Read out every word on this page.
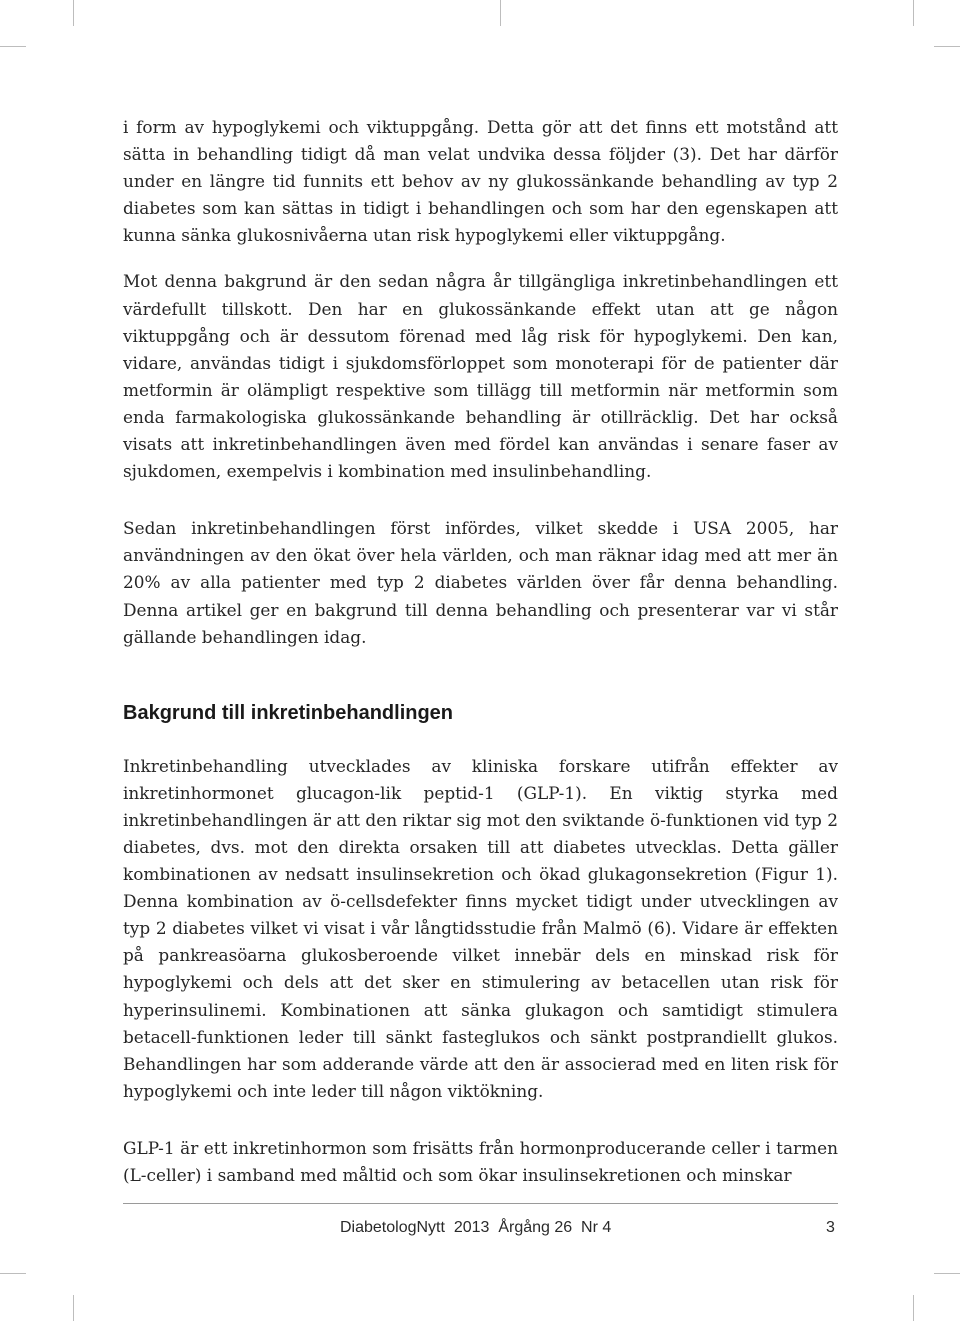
i form av hypoglykemi och viktuppgång. Detta gör att det finns ett motstånd att sätta in behandling tidigt då man velat undvika dessa följder (3). Det har därför under en längre tid funnits ett behov av ny glukossänkande behandling av typ 2 diabetes som kan sättas in tidigt i behandlingen och som har den egenskapen att kunna sänka glukosnivåerna utan risk hypoglykemi eller viktuppgång.

Mot denna bakgrund är den sedan några år tillgängliga inkretinbehandlingen ett värdefullt tillskott. Den har en glukossänkande effekt utan att ge någon viktuppgång och är dessutom förenad med låg risk för hypoglykemi. Den kan, vidare, användas tidigt i sjukdomsförloppet som monoterapi för de patienter där metformin är olämpligt respektive som tillägg till metformin när metformin som enda farmakologiska glukossänkande behandling är otillräcklig. Det har också visats att inkretinbehandlingen även med fördel kan användas i senare faser av sjukdomen, exempelvis i kombination med insulinbehandling.

Sedan inkretinbehandlingen först infördes, vilket skedde i USA 2005, har användningen av den ökat över hela världen, och man räknar idag med att mer än 20% av alla patienter med typ 2 diabetes världen över får denna behandling. Denna artikel ger en bakgrund till denna behandling och presenterar var vi står gällande behandlingen idag.

Bakgrund till inkretinbehandlingen

Inkretinbehandling utvecklades av kliniska forskare utifrån effekter av inkretinhormonet glucagon-lik peptid-1 (GLP-1). En viktig styrka med inkretinbehandlingen är att den riktar sig mot den sviktande ö-funktionen vid typ 2 diabetes, dvs. mot den direkta orsaken till att diabetes utvecklas. Detta gäller kombinationen av nedsatt insulinsekretion och ökad glukagonsekretion (Figur 1). Denna kombination av ö-cellsdefekter finns mycket tidigt under utvecklingen av typ 2 diabetes vilket vi visat i vår långtidsstudie från Malmö (6). Vidare är effekten på pankreasöarna glukosberoende vilket innebär dels en minskad risk för hypoglykemi och dels att det sker en stimulering av betacellen utan risk för hyperinsulinemi. Kombinationen att sänka glukagon och samtidigt stimulera betacell-funktionen leder till sänkt fasteglukos och sänkt postprandiellt glukos. Behandlingen har som adderande värde att den är associerad med en liten risk för hypoglykemi och inte leder till någon viktökning.

GLP-1 är ett inkretinhormon som frisätts från hormonproducerande celler i tarmen (L-celler) i samband med måltid och som ökar insulinsekretionen och minskar

DiabetologNytt  2013  Årgång 26  Nr 4	3
